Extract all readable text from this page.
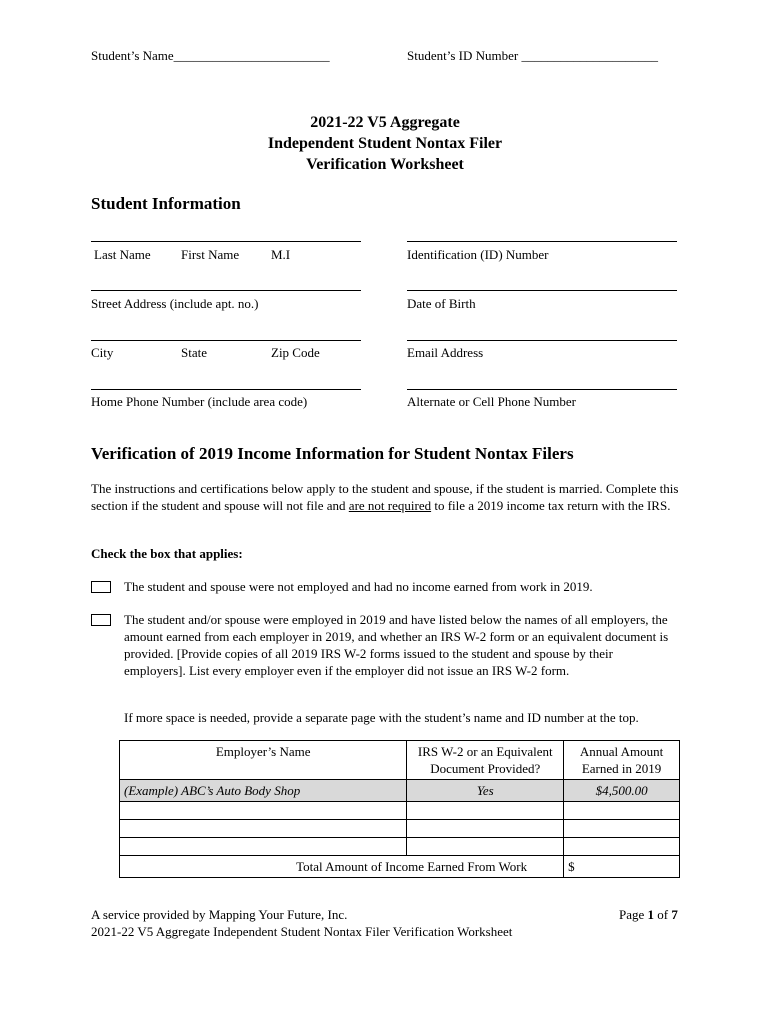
Student’s Name________________________	Student’s ID Number _____________________
2021-22 V5 Aggregate
Independent Student Nontax Filer
Verification Worksheet
Student Information
Last Name First Name M.I	Identification (ID) Number
Street Address (include apt. no.)	Date of Birth
City	State	Zip Code	Email Address
Home Phone Number (include area code)	Alternate or Cell Phone Number
Verification of 2019 Income Information for Student Nontax Filers

The instructions and certifications below apply to the student and spouse, if the student is married. Complete this section if the student and spouse will not file and are not required to file a 2019 income tax return with the IRS.

Check the box that applies:

The student and spouse were not employed and had no income earned from work in 2019.

The student and/or spouse were employed in 2019 and have listed below the names of all employers, the amount earned from each employer in 2019, and whether an IRS W-2 form or an equivalent document is provided. [Provide copies of all 2019 IRS W-2 forms issued to the student and spouse by their employers]. List every employer even if the employer did not issue an IRS W-2 form.

If more space is needed, provide a separate page with the student’s name and ID number at the top.

Employer’s Name	IRS W-2 or an Equivalent Document Provided?	Annual Amount Earned in 2019
(Example) ABC’s Auto Body Shop	Yes	$4,500.00

Total Amount of Income Earned From Work		$
A service provided by Mapping Your Future, Inc.
2021-22 V5 Aggregate Independent Student Nontax Filer Verification Worksheet
Page 1 of 7
